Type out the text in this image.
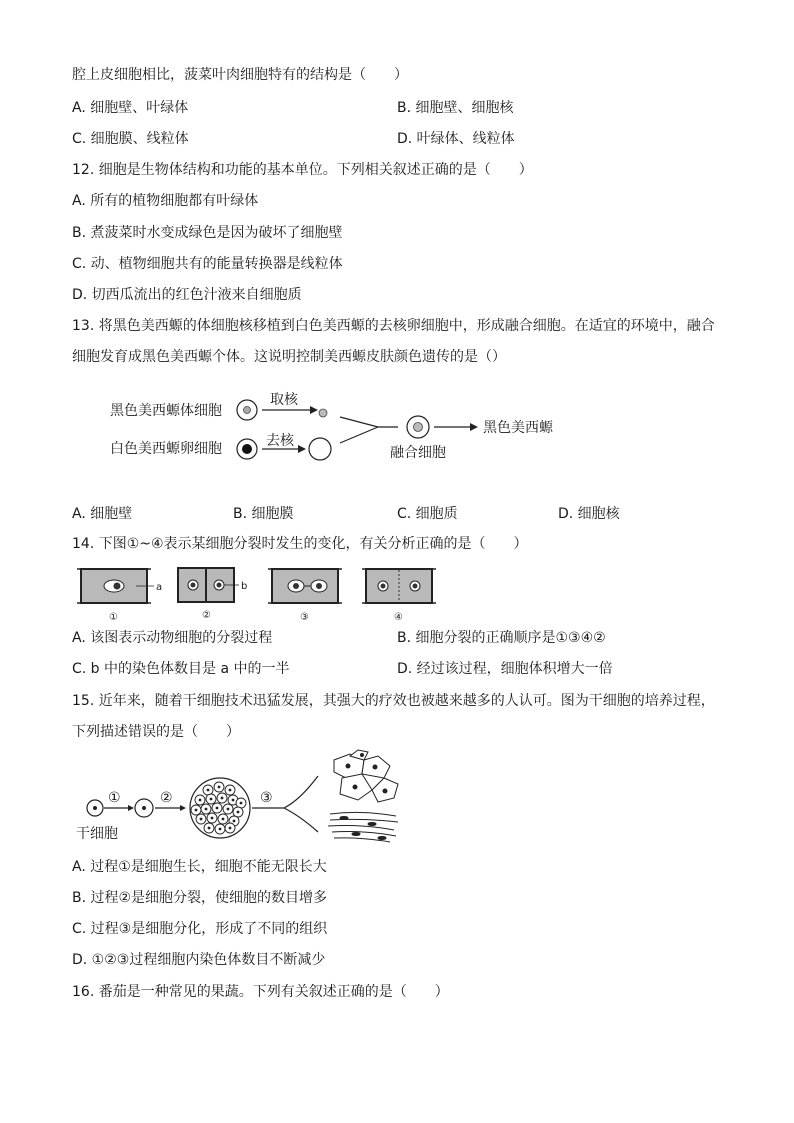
腔上皮细胞相比，菠菜叶肉细胞特有的结构是（　　）
A. 细胞壁、叶绿体	B. 细胞壁、细胞核
C. 细胞膜、线粒体	D. 叶绿体、线粒体
12. 细胞是生物体结构和功能的基本单位。下列相关叙述正确的是（　　）
A. 所有的植物细胞都有叶绿体
B. 煮菠菜时水变成绿色是因为破坏了细胞壁
C. 动、植物细胞共有的能量转换器是线粒体
D. 切西瓜流出的红色汁液来自细胞质
13. 将黑色美西螈的体细胞核移植到白色美西螈的去核卵细胞中，形成融合细胞。在适宜的环境中，融合
细胞发育成黑色美西螈个体。这说明控制美西螈皮肤颜色遗传的是（）
黑色美西螈体细胞
取核
白色美西螈卵细胞	去核
融合细胞
黑色美西螈
A. 细胞壁	B. 细胞膜	C. 细胞质	D. 细胞核
14. 下图①~④表示某细胞分裂时发生的变化，有关分析正确的是（　　）
a
①
b
②	③	④
A. 该图表示动物细胞的分裂过程	B. 细胞分裂的正确顺序是①③④②
C. b 中的染色体数目是 a 中的一半	D. 经过该过程，细胞体积增大一倍
15. 近年来，随着干细胞技术迅猛发展，其强大的疗效也被越来越多的人认可。图为干细胞的培养过程，
下列描述错误的是（　　）
干细胞
①	②	③
A. 过程①是细胞生长，细胞不能无限长大
B. 过程②是细胞分裂，使细胞的数目增多
C. 过程③是细胞分化，形成了不同的组织
D. ①②③过程细胞内染色体数目不断减少
16. 番茄是一种常见的果蔬。下列有关叙述正确的是（　　）
